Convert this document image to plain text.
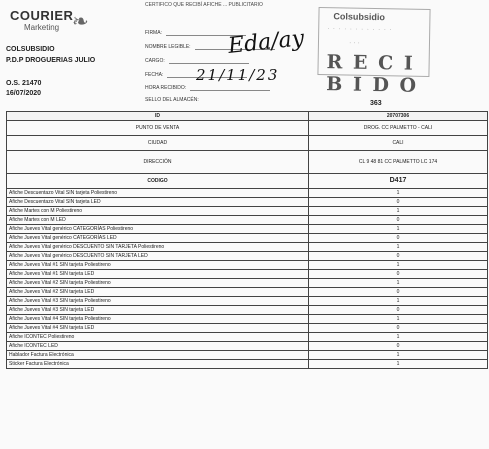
COURIER
Marketing ❧
CERTIFICO QUE RECIBÍ AFICHE ... PUBLICITARIO
FIRMA:
NOMBRE LEGIBLE:
CARGO:
FECHA:
HORA RECIBIDO:
SELLO DEL ALMACÉN:
Eda/ay
21/11/23
Colsubsidio
· · · · · · · · · · · ·
· · ·
R E C I B I D O
COLSUBSIDIO
P.D.P DROGUERIAS JULIO
O.S. 21470
16/07/2020
363
ID	20707306
PUNTO DE VENTA	DROG. CC PALMETTO - CALI
CIUDAD	CALI
DIRECCIÓN	CL 9 48 81 CC PALMETTO LC 174
CODIGO	D417
Afiche Descuentazo Vital SIN tarjeta Poliestireno	1
Afiche Descuentazo Vital SIN tarjeta LED	0
Afiche Martes con M Poliestireno	1
Afiche Martes con M LED	0
Afiche Jueves Vital genérico CATEGORÍAS Poliestireno	1
Afiche Jueves Vital genérico CATEGORÍAS LED	0
Afiche Jueves Vital genérico DESCUENTO SIN TARJETA Poliestireno	1
Afiche Jueves Vital genérico DESCUENTO SIN TARJETA LED	0
Afiche Jueves Vital #1 SIN tarjeta Poliestireno	1
Afiche Jueves Vital #1 SIN tarjeta LED	0
Afiche Jueves Vital #2 SIN tarjeta Poliestireno	1
Afiche Jueves Vital #2 SIN tarjeta LED	0
Afiche Jueves Vital #3 SIN tarjeta Poliestireno	1
Afiche Jueves Vital #3 SIN tarjeta LED	0
Afiche Jueves Vital #4 SIN tarjeta Poliestireno	1
Afiche Jueves Vital #4 SIN tarjeta LED	0
Afiche ICONTEC Poliestireno	1
Afiche ICONTEC LED	0
Hablador Factura Electrónica	1
Sticker Factura Electrónica	1
